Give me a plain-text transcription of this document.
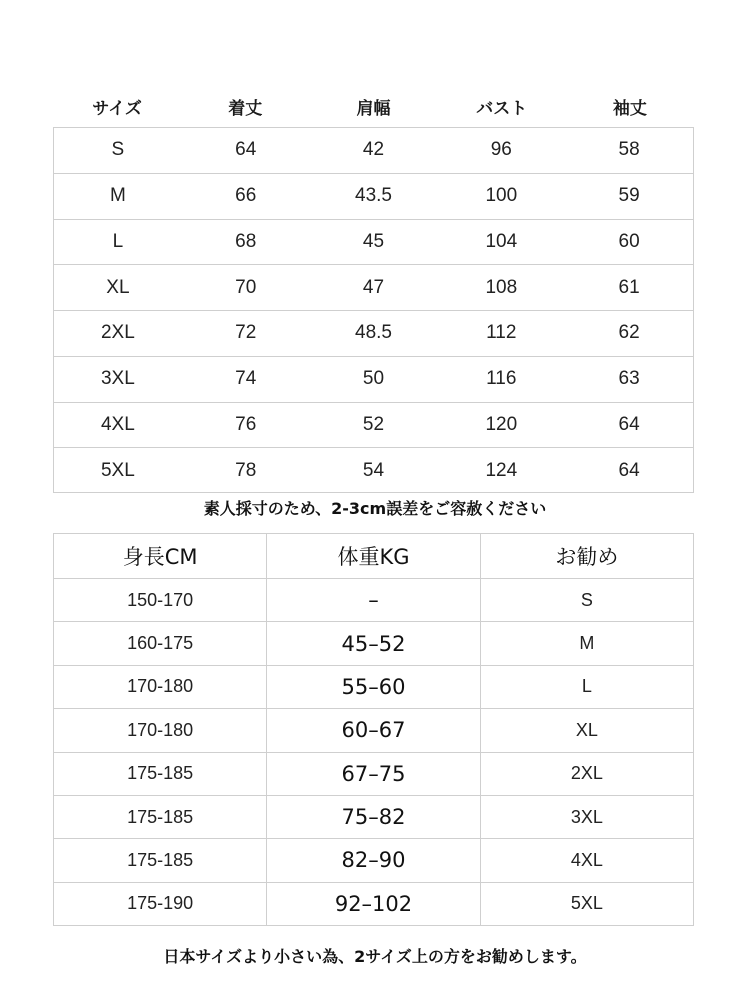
サイズ	着丈	肩幅	バスト	袖丈
S	64	42	96	58
M	66	43.5	100	59
L	68	45	104	60
XL	70	47	108	61
2XL	72	48.5	112	62
3XL	74	50	116	63
4XL	76	52	120	64
5XL	78	54	124	64
素人採寸のため、2-3cm誤差をご容赦ください
身長CM	体重KG	お勧め
150-170	–	S
160-175	45–52	M
170-180	55–60	L
170-180	60–67	XL
175-185	67–75	2XL
175-185	75–82	3XL
175-185	82–90	4XL
175-190	92–102	5XL
日本サイズより小さい為、2サイズ上の方をお勧めします。
